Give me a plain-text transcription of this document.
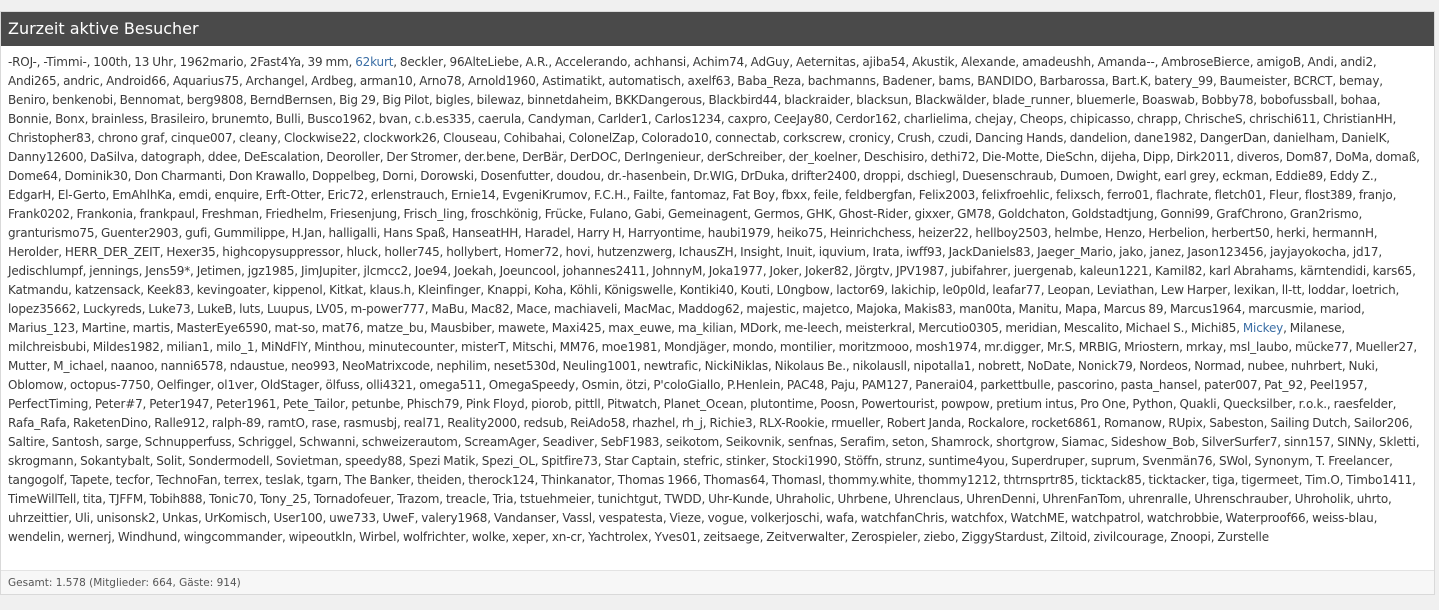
Zurzeit aktive Besucher

-ROJ-, -Timmi-, 100th, 13 Uhr, 1962mario, 2Fast4Ya, 39 mm, 62kurt, 8eckler, 96AlteLiebe, A.R., Accelerando, achhansi, Achim74, AdGuy, Aeternitas, ajiba54, Akustik, Alexande, amadeushh, Amanda--, AmbroseBierce, amigoB, Andi, andi2, Andi265, andric, Android66, Aquarius75, Archangel, Ardbeg, arman10, Arno78, Arnold1960, Astimatikt, automatisch, axelf63, Baba_Reza, bachmanns, Badener, bams, BANDIDO, Barbarossa, Bart.K, batery_99, Baumeister, BCRCT, bemay, Beniro, benkenobi, Bennomat, berg9808, BerndBernsen, Big 29, Big Pilot, bigles, bilewaz, binnetdaheim, BKKDangerous, Blackbird44, blackraider, blacksun, Blackwälder, blade_runner, bluemerle, Boaswab, Bobby78, bobofussball, bohaa, Bonnie, Bonx, brainless, Brasileiro, brunemto, Bulli, Busco1962, bvan, c.b.es335, caerula, Candyman, Carlder1, Carlos1234, caxpro, CeeJay80, Cerdor162, charlielima, chejay, Cheops, chipicasso, chrapp, ChrischeS, chrischi611, ChristianHH, Christopher83, chrono graf, cinque007, cleany, Clockwise22, clockwork26, Clouseau, Cohibahai, ColonelZap, Colorado10, connectab, corkscrew, cronicy, Crush, czudi, Dancing Hands, dandelion, dane1982, DangerDan, danielham, DanielK, Danny12600, DaSilva, datograph, ddee, DeEscalation, Deoroller, Der Stromer, der.bene, DerBär, DerDOC, DerIngenieur, derSchreiber, der_koelner, Deschisiro, dethi72, Die-Motte, DieSchn, dijeha, Dipp, Dirk2011, diveros, Dom87, DoMa, domaß, Dome64, Dominik30, Don Charmanti, Don Krawallo, Doppelbeg, Dorni, Dorowski, Dosenfutter, doudou, dr.-hasenbein, Dr.WIG, DrDuka, drifter2400, droppi, dschiegl, Duesenschraub, Dumoen, Dwight, earl grey, eckman, Eddie89, Eddy Z., EdgarH, El-Gerto, EmAhlhKa, emdi, enquire, Erft-Otter, Eric72, erlenstrauch, Ernie14, EvgeniKrumov, F.C.H., Failte, fantomaz, Fat Boy, fbxx, feile, feldbergfan, Felix2003, felixfroehlic, felixsch, ferro01, flachrate, fletch01, Fleur, flost389, franjo, Frank0202, Frankonia, frankpaul, Freshman, Friedhelm, Friesenjung, Frisch_ling, froschkönig, Frücke, Fulano, Gabi, Gemeinagent, Germos, GHK, Ghost-Rider, gixxer, GM78, Goldchaton, Goldstadtjung, Gonni99, GrafChrono, Gran2rismo, granturismo75, Guenter2903, gufi, Gummilippe, H.Jan, halligalli, Hans Spaß, HanseatHH, Haradel, Harry H, Harryontime, haubi1979, heiko75, Heinrichchess, heizer22, hellboy2503, helmbe, Henzo, Herbelion, herbert50, herki, hermannH, Herolder, HERR_DER_ZEIT, Hexer35, highcopysuppressor, hluck, holler745, hollybert, Homer72, hovi, hutzenzwerg, IchausZH, Insight, Inuit, iquvium, Irata, iwff93, JackDaniels83, Jaeger_Mario, jako, janez, Jason123456, jayjayokocha, jd17, Jedischlumpf, jennings, Jens59*, Jetimen, jgz1985, JimJupiter, jlcmcc2, Joe94, Joekah, Joeuncool, johannes2411, JohnnyM, Joka1977, Joker, Joker82, Jörgtv, JPV1987, jubifahrer, juergenab, kaleun1221, Kamil82, karl Abrahams, kärntendidi, kars65, Katmandu, katzensack, Keek83, kevingoater, kippenol, Kitkat, klaus.h, Kleinfinger, Knappi, Koha, Köhli, Königswelle, Kontiki40, Kouti, L0ngbow, lactor69, lakichip, le0p0ld, leafar77, Leopan, Leviathan, Lew Harper, lexikan, ll-tt, loddar, loetrich, lopez35662, Luckyreds, Luke73, LukeB, luts, Luupus, LV05, m-power777, MaBu, Mac82, Mace, machiaveli, MacMac, Maddog62, majestic, majetco, Majoka, Makis83, man00ta, Manitu, Mapa, Marcus 89, Marcus1964, marcusmie, mariod, Marius_123, Martine, martis, MasterEye6590, mat-so, mat76, matze_bu, Mausbiber, mawete, Maxi425, max_euwe, ma_kilian, MDork, me-leech, meisterkral, Mercutio0305, meridian, Mescalito, Michael S., Michi85, Mickey, Milanese, milchreisbubi, Mildes1982, milian1, milo_1, MiNdFlY, Minthou, minutecounter, misterT, Mitschi, MM76, moe1981, Mondjäger, mondo, montilier, moritzmooo, mosh1974, mr.digger, Mr.S, MRBIG, Mriostern, mrkay, msl_laubo, mücke77, Mueller27, Mutter, M_ichael, naanoo, nanni6578, ndaustue, neo993, NeoMatrixcode, nephilim, neset530d, Neuling1001, newtrafic, NickiNiklas, Nikolaus Be., nikolausll, nipotalla1, nobrett, NoDate, Nonick79, Nordeos, Normad, nubee, nuhrbert, Nuki, Oblomow, octopus-7750, Oelfinger, ol1ver, OldStager, ölfuss, olli4321, omega511, OmegaSpeedy, Osmin, ötzi, P'coloGiallo, P.Henlein, PAC48, Paju, PAM127, Panerai04, parkettbulle, pascorino, pasta_hansel, pater007, Pat_92, Peel1957, PerfectTiming, Peter#7, Peter1947, Peter1961, Pete_Tailor, petunbe, Phisch79, Pink Floyd, piorob, pittll, Pitwatch, Planet_Ocean, plutontime, Poosn, Powertourist, powpow, pretium intus, Pro One, Python, Quakli, Quecksilber, r.o.k., raesfelder, Rafa_Rafa, RaketenDino, Ralle912, ralph-89, ramtO, rase, rasmusbj, real71, Reality2000, redsub, ReiAdo58, rhazhel, rh_j, Richie3, RLX-Rookie, rmueller, Robert Janda, Rockalore, rocket6861, Romanow, RUpix, Sabeston, Sailing Dutch, Sailor206, Saltire, Santosh, sarge, Schnupperfuss, Schriggel, Schwanni, schweizerautom, ScreamAger, Seadiver, SebF1983, seikotom, Seikovnik, senfnas, Serafim, seton, Shamrock, shortgrow, Siamac, Sideshow_Bob, SilverSurfer7, sinn157, SINNy, Skletti, skrogmann, Sokantybalt, Solit, Sondermodell, Sovietman, speedy88, Spezi Matik, Spezi_OL, Spitfire73, Star Captain, stefric, stinker, Stocki1990, Stöffn, strunz, suntime4you, Superdruper, suprum, Svenmän76, SWol, Synonym, T. Freelancer, tangogolf, Tapete, tecfor, TechnoFan, terrex, teslak, tgarn, The Banker, theiden, therock124, Thinkanator, Thomas 1966, Thomas64, ThomasI, thommy.white, thommy1212, thtrnsprtr85, ticktack85, ticktacker, tiga, tigermeet, Tim.O, Timbo1411, TimeWillTell, tita, TJFFM, Tobih888, Tonic70, Tony_25, Tornadofeuer, Trazom, treacle, Tria, tstuehmeier, tunichtgut, TWDD, Uhr-Kunde, Uhraholic, Uhrbene, Uhrenclaus, UhrenDenni, UhrenFanTom, uhrenralle, Uhrenschrauber, Uhroholik, uhrto, uhrzeittier, Uli, unisonsk2, Unkas, UrKomisch, User100, uwe733, UweF, valery1968, Vandanser, Vassl, vespatesta, Vieze, vogue, volkerjoschi, wafa, watchfanChris, watchfox, WatchME, watchpatrol, watchrobbie, Waterproof66, weiss-blau, wendelin, wernerj, Windhund, wingcommander, wipeoutkln, Wirbel, wolfrichter, wolke, xeper, xn-cr, Yachtrolex, Yves01, zeitsaege, Zeitverwalter, Zerospieler, ziebo, ZiggyStardust, Ziltoid, zivilcourage, Znoopi, Zurstelle

Gesamt: 1.578 (Mitglieder: 664, Gäste: 914)
